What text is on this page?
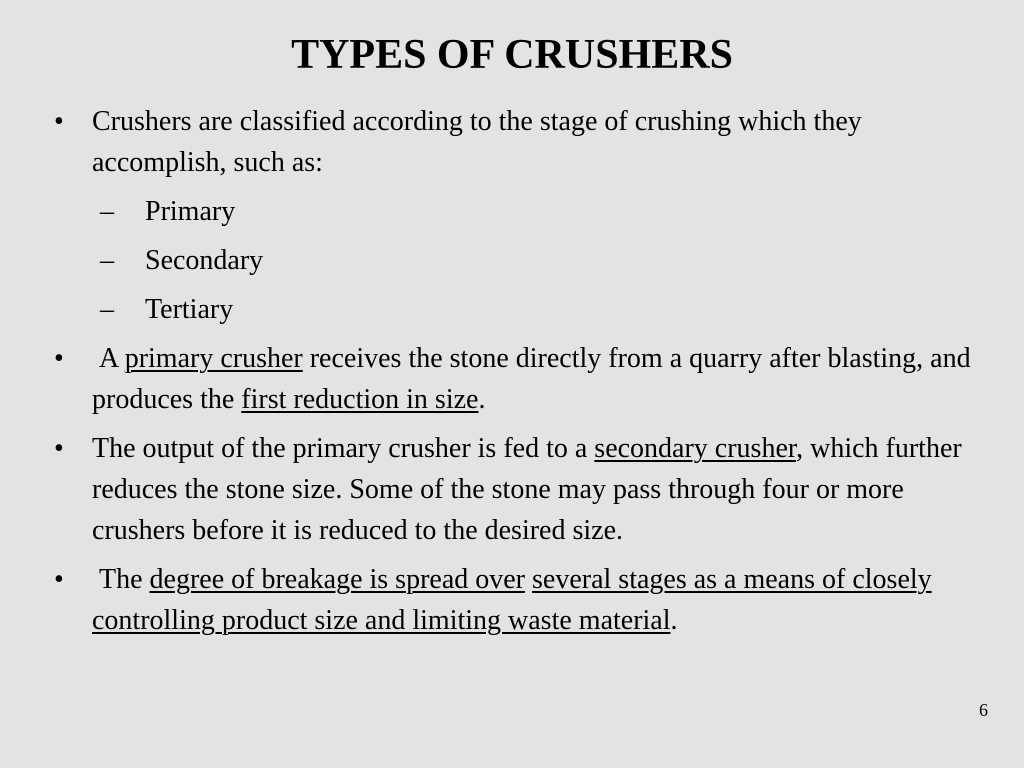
TYPES OF CRUSHERS
•	Crushers are classified according to the stage of crushing which they accomplish, such as:
–	Primary
–	Secondary
–	Tertiary
•	A primary crusher receives the stone directly from a quarry after blasting, and produces the first reduction in size.
•	The output of the primary crusher is fed to a secondary crusher, which further reduces the stone size. Some of the stone may pass through four or more crushers before it is reduced to the desired size.
•	The degree of breakage is spread over several stages as a means of closely controlling product size and limiting waste material.
6
